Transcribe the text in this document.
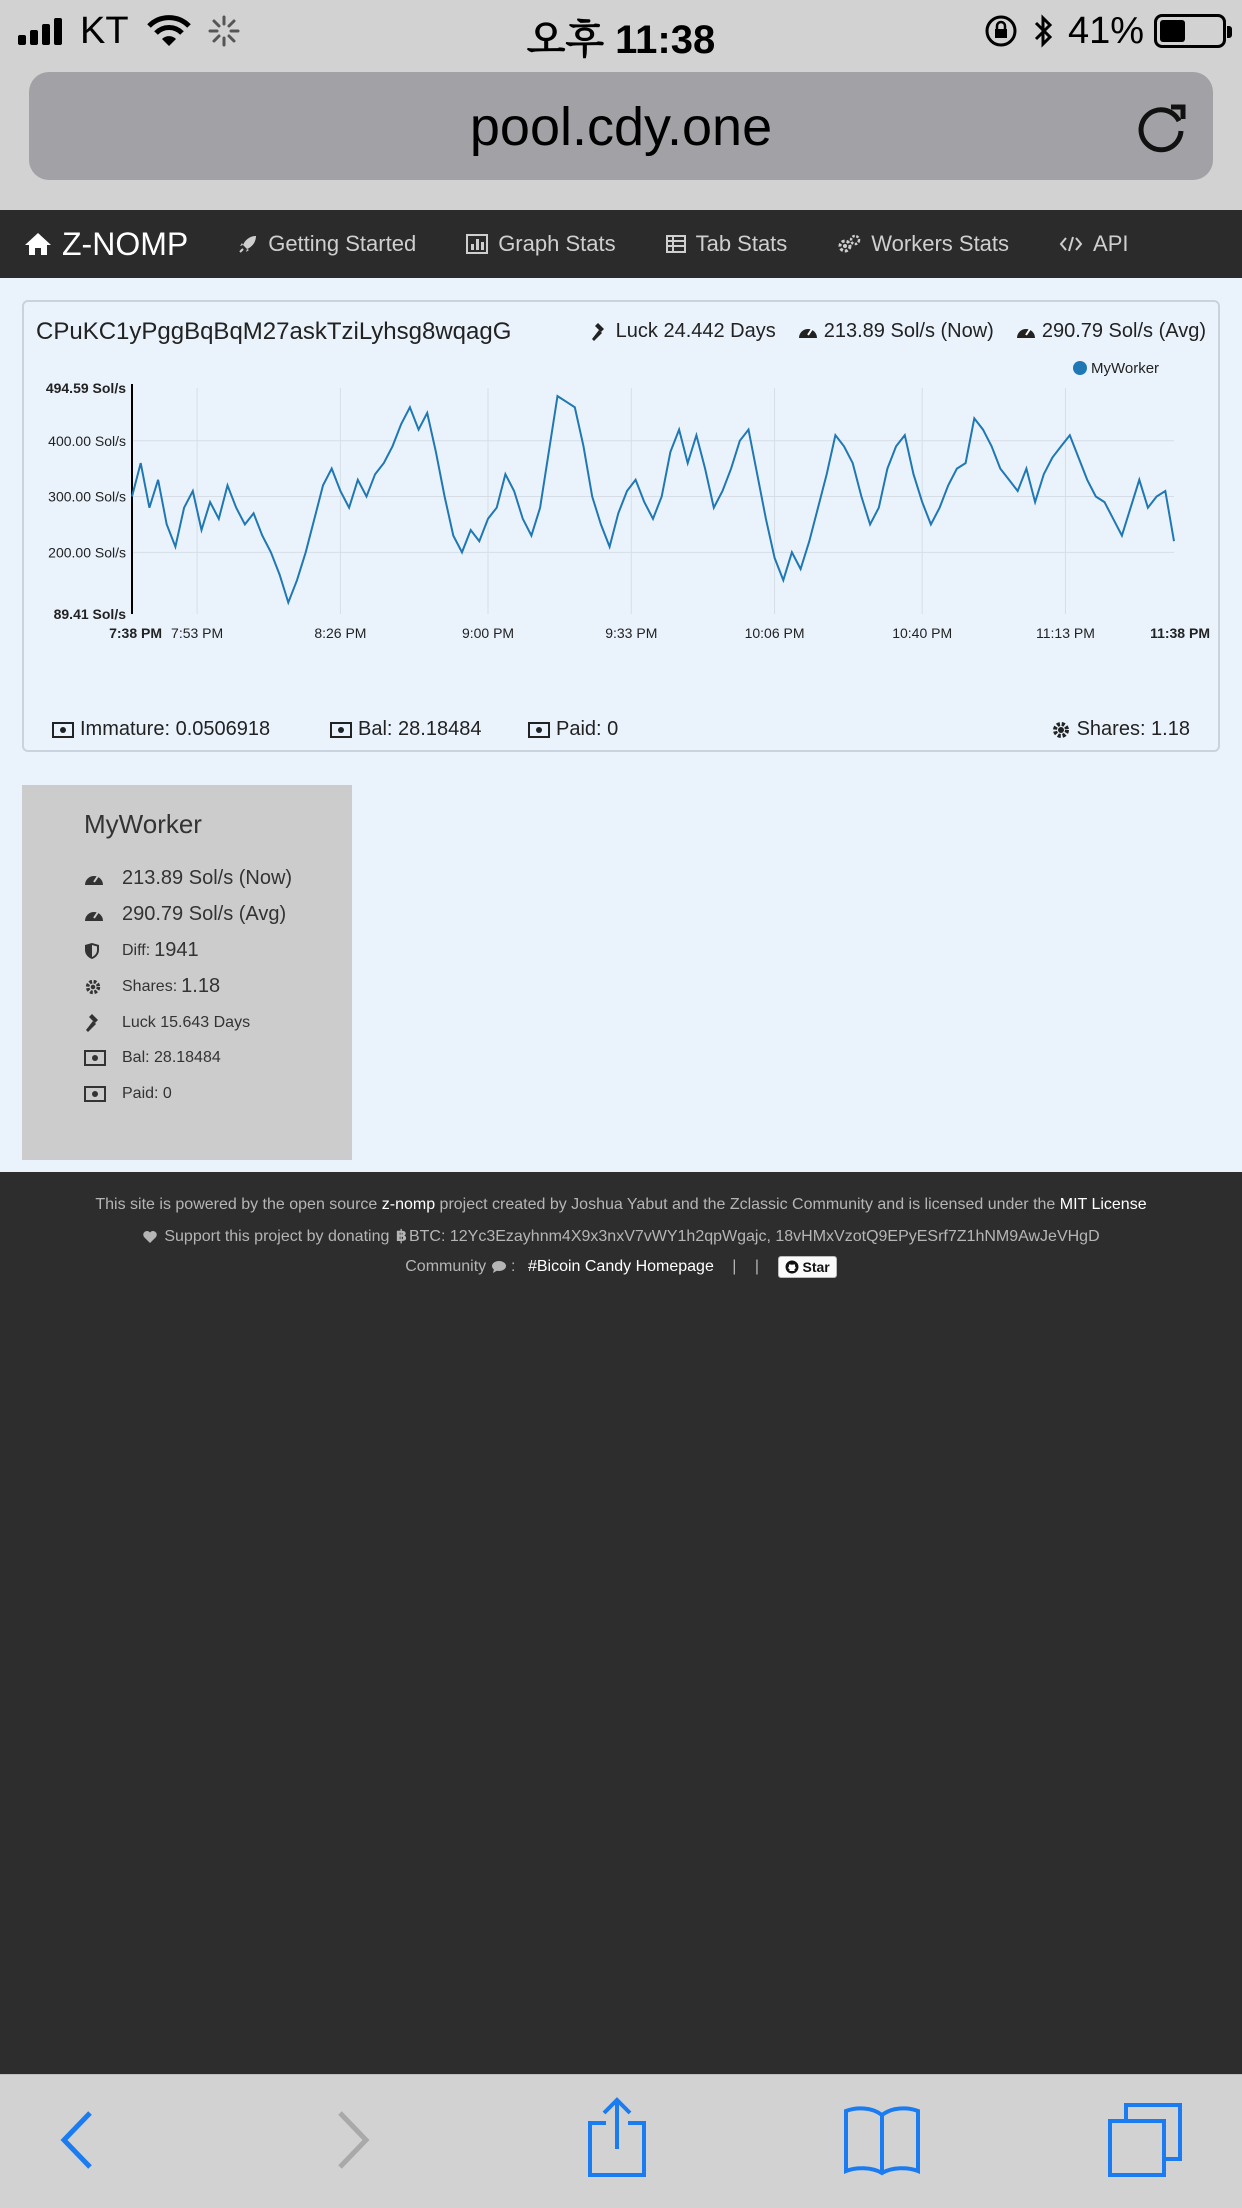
KT	오후 11:38	41%
pool.cdy.one
Z-NOMP	Getting Started	Graph Stats	Tab Stats	Workers Stats	API
CPuKC1yPggBqBqM27askTziLyhsg8wqagG	Luck 24.442 Days 213.89 Sol/s (Now) 290.79 Sol/s (Avg)
494.59 Sol/s
400.00 Sol/s
300.00 Sol/s
200.00 Sol/s
89.41 Sol/s
7:38 PM 7:53 PM	8:26 PM	9:00 PM	9:33 PM	10:06 PM	10:40 PM	11:13 PM	11:38 PM
MyWorker
Immature: 0.0506918	Bal: 28.18484	Paid: 0	Shares: 1.18
MyWorker
213.89 Sol/s (Now)
290.79 Sol/s (Avg)
Diff: 1941
Shares: 1.18
Luck 15.643 Days
Bal: 28.18484
Paid: 0
This site is powered by the open source z-nomp project created by Joshua Yabut and the Zclassic Community and is licensed under the MIT License
Support this project by donating ฿ BTC: 12Yc3Ezayhnm4X9x3nxV7vWY1h2qpWgajc, 18vHMxVzotQ9EPyESrf7Z1hNM9AwJeVHgD
Community : #Bicoin Candy Homepage | |	Star
